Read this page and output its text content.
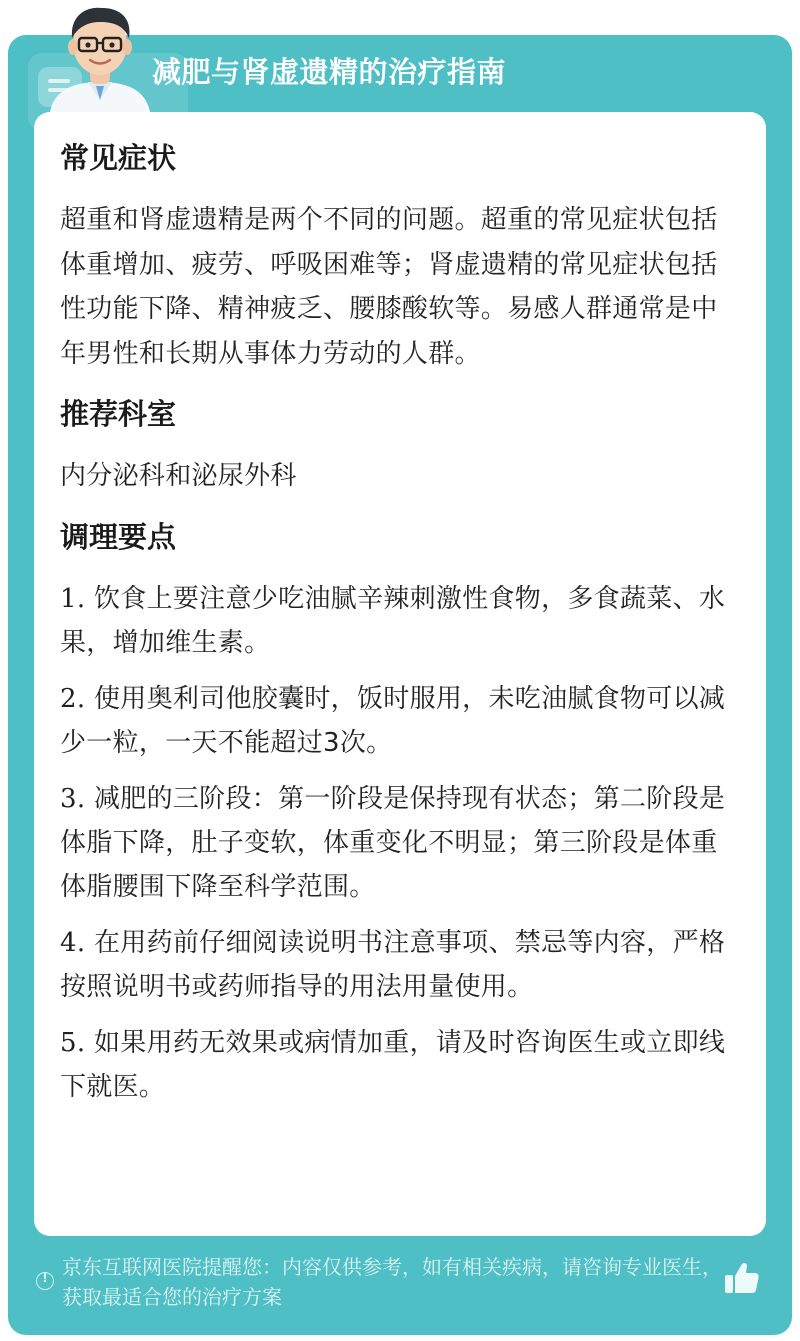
减肥与肾虚遗精的治疗指南
常见症状
超重和肾虚遗精是两个不同的问题。超重的常见症状包括体重增加、疲劳、呼吸困难等；肾虚遗精的常见症状包括性功能下降、精神疲乏、腰膝酸软等。易感人群通常是中年男性和长期从事体力劳动的人群。
推荐科室
内分泌科和泌尿外科
调理要点
1. 饮食上要注意少吃油腻辛辣刺激性食物，多食蔬菜、水果，增加维生素。
2. 使用奥利司他胶囊时，饭时服用，未吃油腻食物可以减少一粒，一天不能超过3次。
3. 减肥的三阶段：第一阶段是保持现有状态；第二阶段是体脂下降，肚子变软，体重变化不明显；第三阶段是体重体脂腰围下降至科学范围。
4. 在用药前仔细阅读说明书注意事项、禁忌等内容，严格按照说明书或药师指导的用法用量使用。
5. 如果用药无效果或病情加重，请及时咨询医生或立即线下就医。
!
京东互联网医院提醒您：内容仅供参考，如有相关疾病，请咨询专业医生，获取最适合您的治疗方案
